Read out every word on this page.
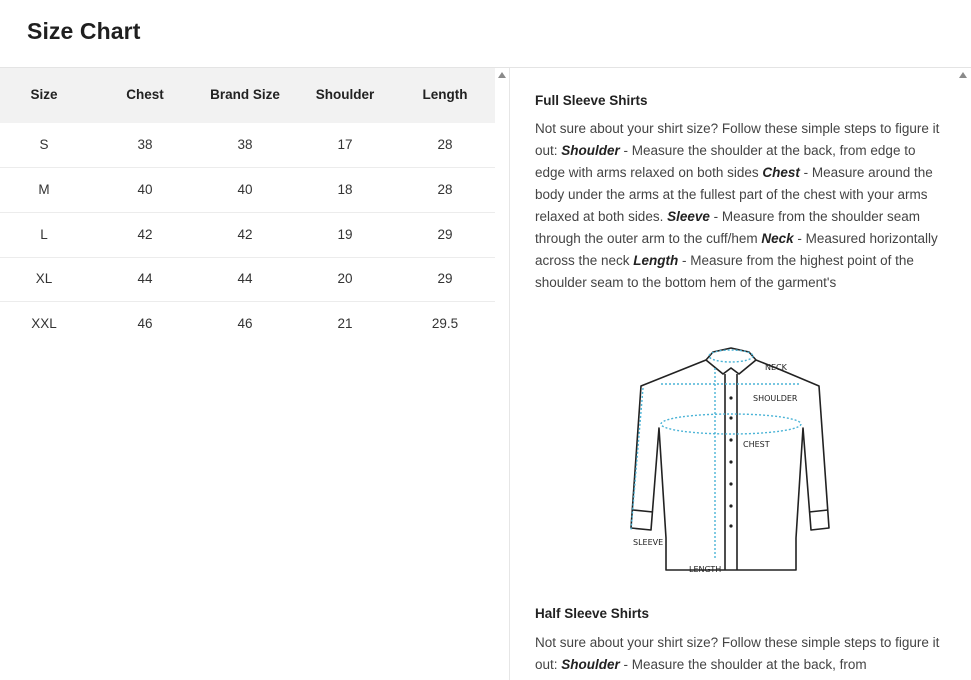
Size Chart
Size	Chest	Brand Size	Shoulder	Length
S	38	38	17	28
M	40	40	18	28
L	42	42	19	29
XL	44	44	20	29
XXL	46	46	21	29.5
Full Sleeve Shirts
Not sure about your shirt size? Follow these simple steps to figure it out: Shoulder - Measure the shoulder at the back, from edge to edge with arms relaxed on both sides Chest - Measure around the body under the arms at the fullest part of the chest with your arms relaxed at both sides. Sleeve - Measure from the shoulder seam through the outer arm to the cuff/hem Neck - Measured horizontally across the neck Length - Measure from the highest point of the shoulder seam to the bottom hem of the garment's
NECK
SHOULDER
CHEST
SLEEVE
LENGTH
Half Sleeve Shirts
Not sure about your shirt size? Follow these simple steps to figure it out: Shoulder - Measure the shoulder at the back, from
